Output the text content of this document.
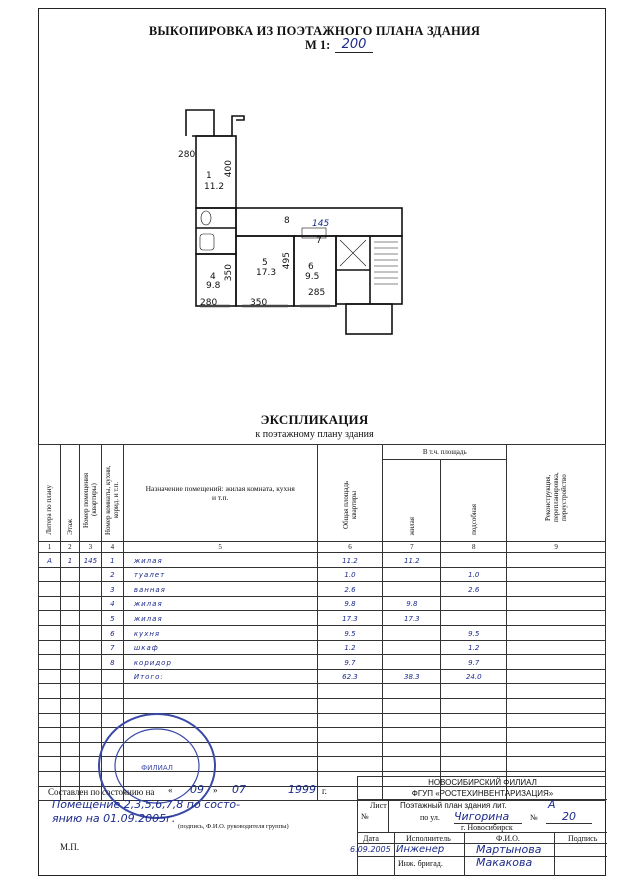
ВЫКОПИРОВКА ИЗ ПОЭТАЖНОГО ПЛАНА ЗДАНИЯ
М 1: 200
280
400
1
11.2
8 145
7
4
9.8
350
5
17.3
495 6
9.5
285
280	350
ЭКСПЛИКАЦИЯ
к поэтажному плану здания
Литера по плану	Этаж	Номер помещения (квартиры)	Номер комнаты, кухни, корид. и т.п.	Назначение помещений: жилая комната, кухня и т.п.	Общая площадь квартиры	В т.ч. площадь		Реконструкция, перепланировка, переустройство

						жилая	подсобная	

1	2	3	4	5	6	7	8	9
А	1	145	1	жилая	11.2	11.2		
			2	туалет	1.0		1.0	
			3	ванная	2.6		2.6	
			4	жилая	9.8	9.8		
			5	жилая	17.3	17.3		
			6	кухня	9.5		9.5	
			7	шкаф	1.2		1.2	
			8	коридор	9.7		9.7	
				Итого:	62.3	38.3	24.0	

ФИЛИАЛ
Составлен по состоянию на « 09 » 07	1999 г.
Помещение 2,3,5,6,7,8 по состо-
янию на 01.09.2005г.
(подпись, Ф.И.О. руководителя группы)
М.П.
НОВОСИБИРСКИЙ ФИЛИАЛ
ФГУП «РОСТЕХИНВЕНТАРИЗАЦИЯ»
Лист
№
Поэтажный план здания лит.	А
по ул. Чигорина	№	20
г. Новосибирск
Дата	Исполнитель	Ф.И.О.	Подпись
6.09.2005 Инженер	Мартынова
Инж. бригад.	Макакова
